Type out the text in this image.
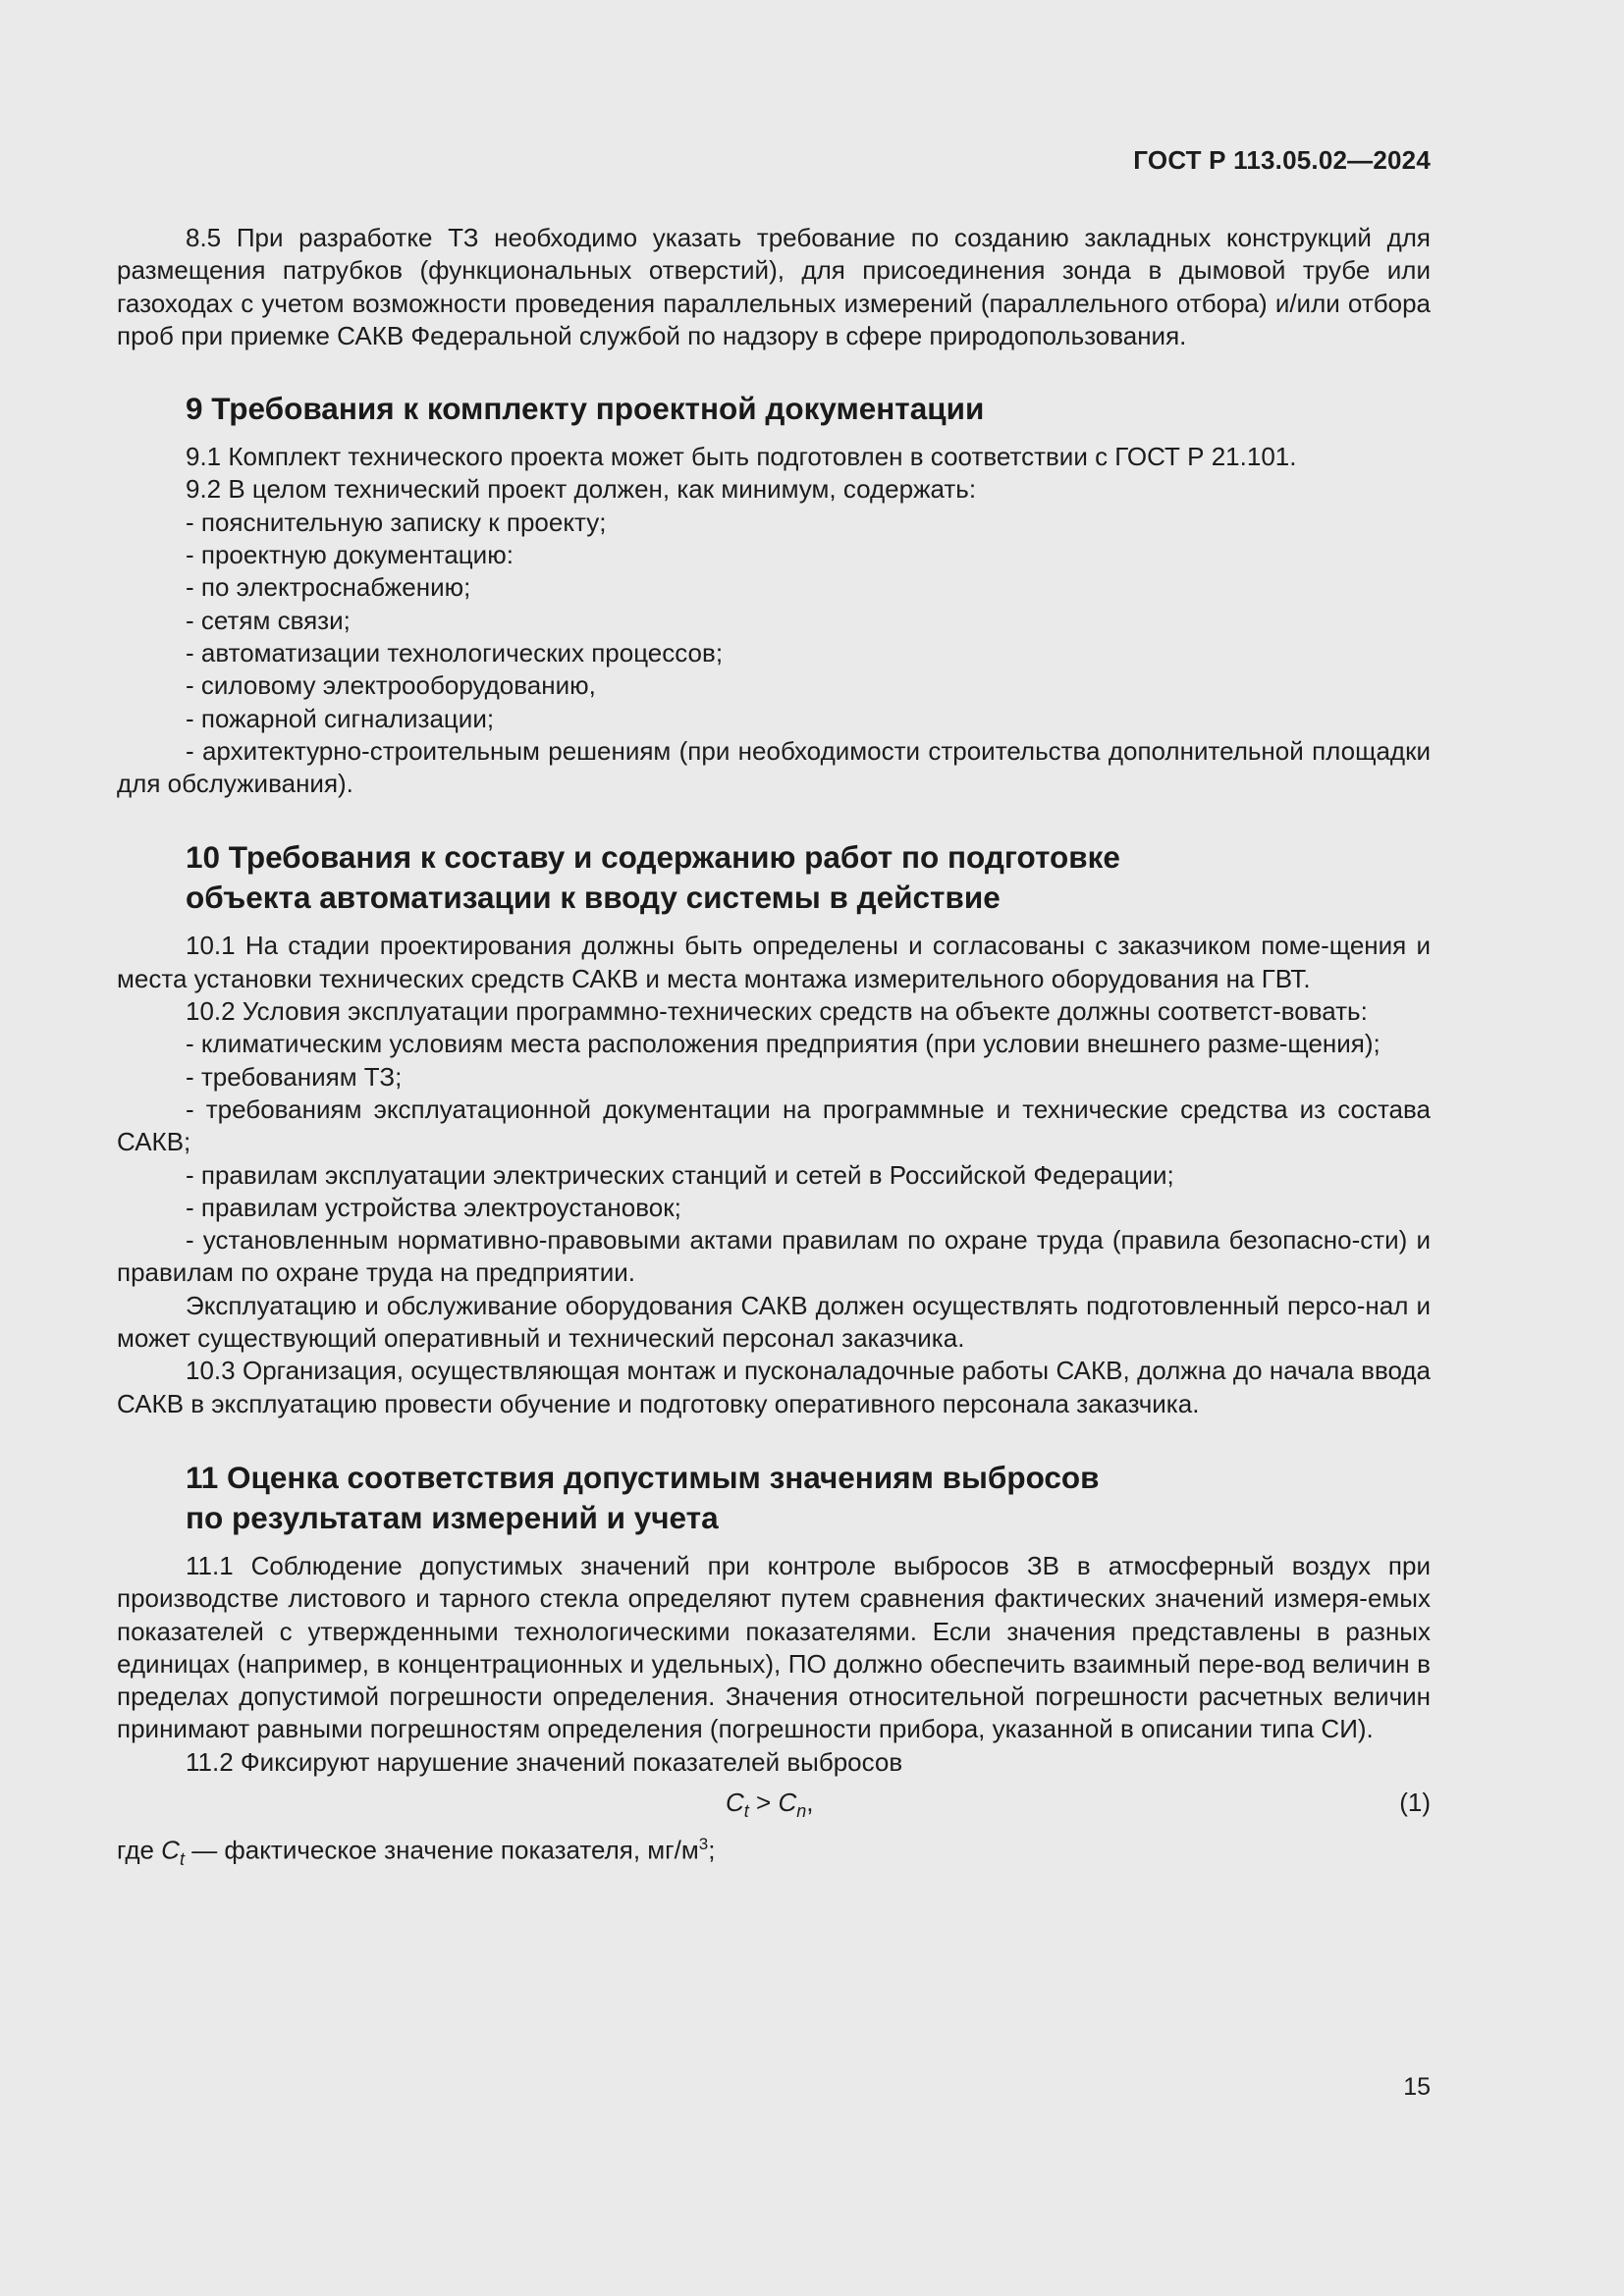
ГОСТ Р 113.05.02—2024

8.5 При разработке ТЗ необходимо указать требование по созданию закладных конструкций для размещения патрубков (функциональных отверстий), для присоединения зонда в дымовой трубе или газоходах с учетом возможности проведения параллельных измерений (параллельного отбора) и/или отбора проб при приемке САКВ Федеральной службой по надзору в сфере природопользования.

9 Требования к комплекту проектной документации

9.1 Комплект технического проекта может быть подготовлен в соответствии с ГОСТ Р 21.101.

9.2 В целом технический проект должен, как минимум, содержать:

- пояснительную записку к проекту;

- проектную документацию:

- по электроснабжению;

- сетям связи;

- автоматизации технологических процессов;

- силовому электрооборудованию,

- пожарной сигнализации;

- архитектурно-строительным решениям (при необходимости строительства дополнительной площадки для обслуживания).

10 Требования к составу и содержанию работ по подготовке
объекта автоматизации к вводу системы в действие

10.1 На стадии проектирования должны быть определены и согласованы с заказчиком поме-щения и места установки технических средств САКВ и места монтажа измерительного оборудования на ГВТ.

10.2 Условия эксплуатации программно-технических средств на объекте должны соответст-вовать:

- климатическим условиям места расположения предприятия (при условии внешнего разме-щения);

- требованиям ТЗ;

- требованиям эксплуатационной документации на программные и технические средства из состава САКВ;

- правилам эксплуатации электрических станций и сетей в Российской Федерации;

- правилам устройства электроустановок;

- установленным нормативно-правовыми актами правилам по охране труда (правила безопасно-сти) и правилам по охране труда на предприятии.

Эксплуатацию и обслуживание оборудования САКВ должен осуществлять подготовленный персо-нал и может существующий оперативный и технический персонал заказчика.

10.3 Организация, осуществляющая монтаж и пусконаладочные работы САКВ, должна до начала ввода САКВ в эксплуатацию провести обучение и подготовку оперативного персонала заказчика.

11 Оценка соответствия допустимым значениям выбросов
по результатам измерений и учета

11.1 Соблюдение допустимых значений при контроле выбросов ЗВ в атмосферный воздух при производстве листового и тарного стекла определяют путем сравнения фактических значений измеря-емых показателей с утвержденными технологическими показателями. Если значения представлены в разных единицах (например, в концентрационных и удельных), ПО должно обеспечить взаимный пере-вод величин в пределах допустимой погрешности определения. Значения относительной погрешности расчетных величин принимают равными погрешностям определения (погрешности прибора, указанной в описании типа СИ).

11.2 Фиксируют нарушение значений показателей выбросов

$C_t > C_n$,	(1)
где $C_t$ — фактическое значение показателя, $мг/м^3$;
15
